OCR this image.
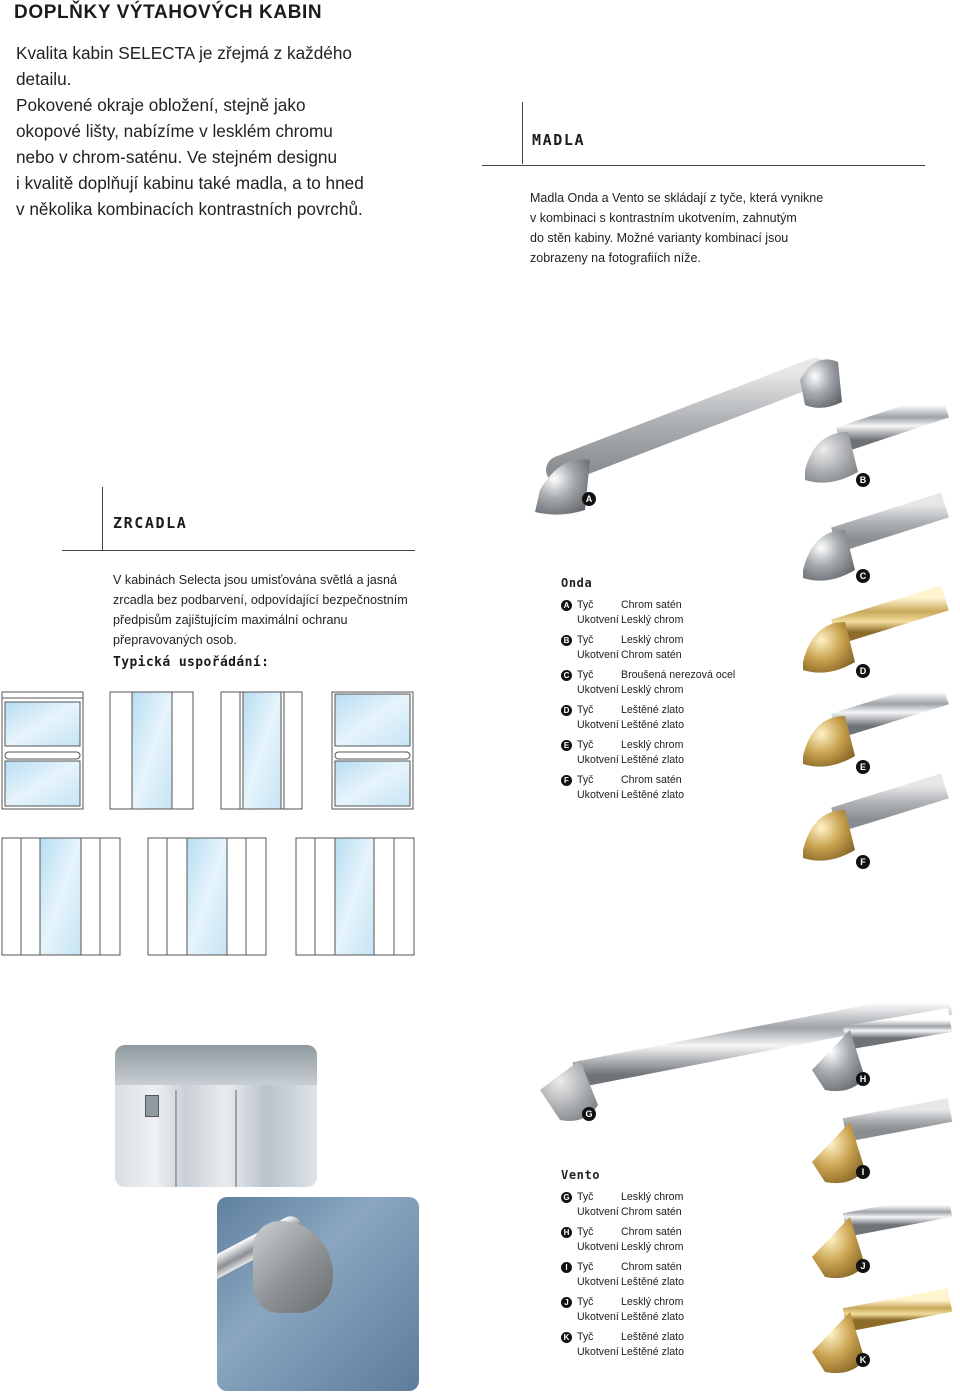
DOPLŇKY VÝTAHOVÝCH KABIN
Kvalita kabin SELECTA je zřejmá z každého
detailu.
Pokovené okraje obložení, stejně jako
okopové lišty, nabízíme v lesklém chromu
nebo v chrom-saténu. Ve stejném designu
i kvalitě doplňují kabinu také madla, a to hned
v několika kombinacích kontrastních povrchů.
MADLA
Madla Onda a Vento se skládají z tyče, která vynikne
v kombinaci s kontrastním ukotvením, zahnutým
do stěn kabiny. Možné varianty kombinací jsou
zobrazeny na fotografiích níže.
ZRCADLA
V kabinách Selecta jsou umisťována světlá a jasná
zrcadla bez podbarvení, odpovídající bezpečnostním
předpisům zajištujícím maximální ochranu
přepravovaných osob.
Typická uspořádání:
A
B
C
D
E
F
G
H
I
J
K
Onda
A Tyč
Ukotvení
Chrom satén
Lesklý chrom
B Tyč
Ukotvení
Lesklý chrom
Chrom satén
C Tyč
Ukotvení
Broušená nerezová ocel
Lesklý chrom
D Tyč
Ukotvení
Leštěné zlato
Leštěné zlato
E Tyč
Ukotvení
Lesklý chrom
Leštěné zlato
F Tyč
Ukotvení
Chrom satén
Leštěné zlato
Vento
G Tyč
Ukotvení
Lesklý chrom
Chrom satén
H Tyč
Ukotvení
Chrom satén
Lesklý chrom
I Tyč
Ukotvení
Chrom satén
Leštěné zlato
J Tyč
Ukotvení
Lesklý chrom
Leštěné zlato
K Tyč
Ukotvení
Leštěné zlato
Leštěné zlato
